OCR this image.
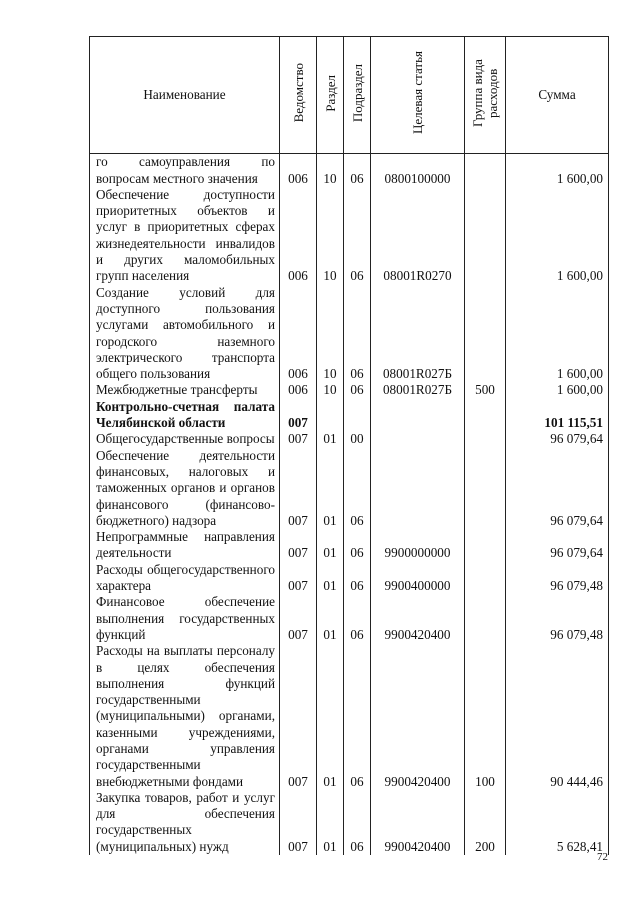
Наименование	Ведомство	Раздел	Подраздел	Целевая статья	Группа вида расходов	Сумма
го самоуправления по вопросам местного значения	006	10	06	0800100000		1 600,00
Обеспечение доступности приоритетных объектов и услуг в приоритетных сферах жизнедеятельности инвалидов и других маломобильных групп населения	006	10	06	08001R0270		1 600,00
Создание условий для доступного пользования услугами автомобильного и городского наземного электрического транспорта общего пользования	006	10	06	08001R027Б		1 600,00
Межбюджетные трансферты	006	10	06	08001R027Б	500	1 600,00
Контрольно-счетная палата Челябинской области	007					101 115,51
Общегосударственные вопросы	007	01	00			96 079,64
Обеспечение деятельности финансовых, налоговых и таможенных органов и органов финансового (финансово-бюджетного) надзора	007	01	06			96 079,64
Непрограммные направления деятельности	007	01	06	9900000000		96 079,64
Расходы общегосударственного характера	007	01	06	9900400000		96 079,48
Финансовое обеспечение выполнения государственных функций	007	01	06	9900420400		96 079,48
Расходы на выплаты персоналу в целях обеспечения выполнения функций государственными (муниципальными) органами, казенными учреждениями, органами управления государственными внебюджетными фондами	007	01	06	9900420400	100	90 444,46
Закупка товаров, работ и услуг для обеспечения государственных (муниципальных) нужд	007	01	06	9900420400	200	5 628,41
72
